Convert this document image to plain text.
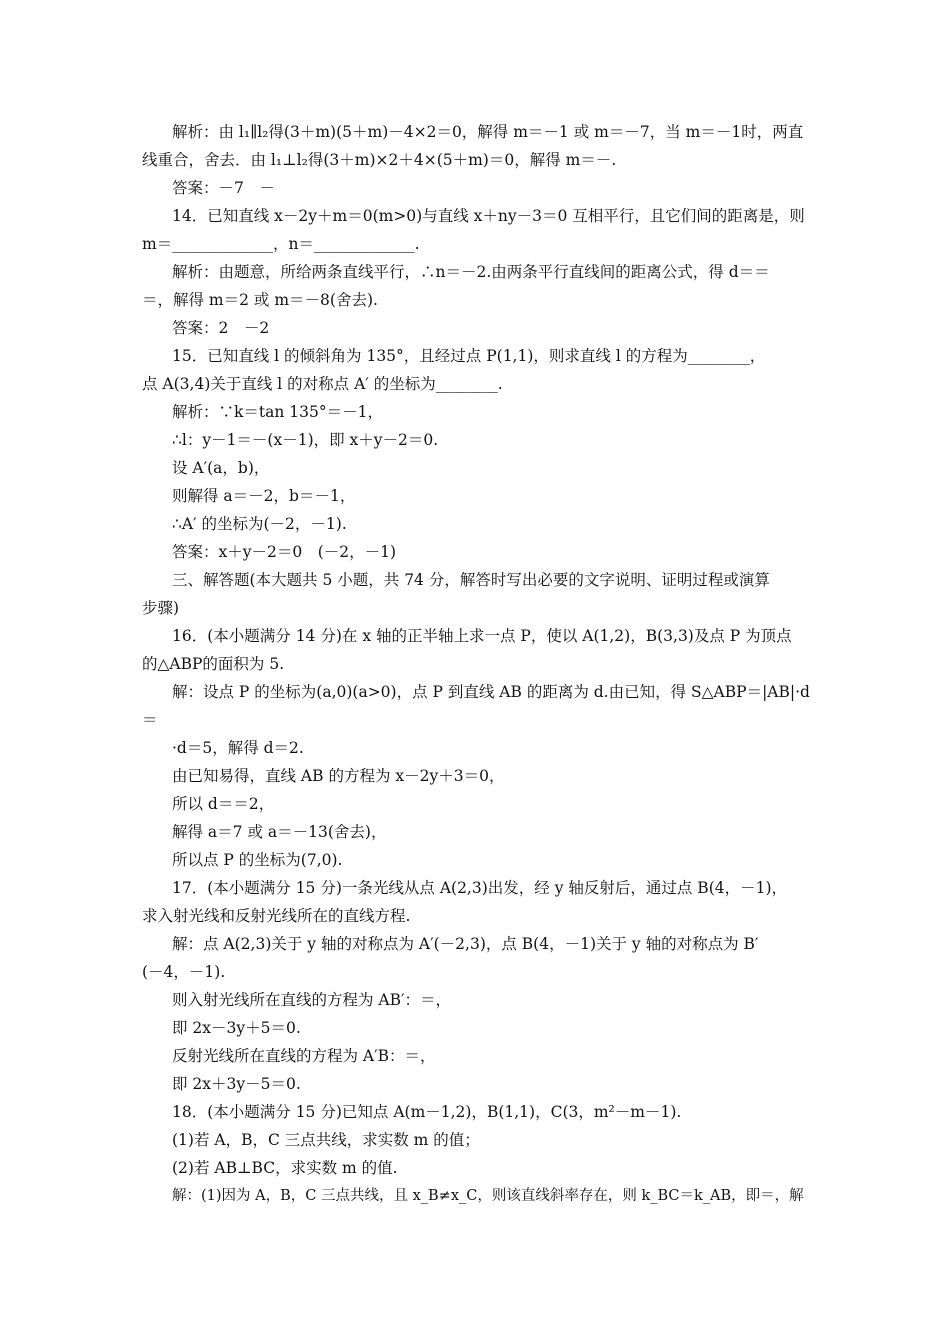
解析：由 l₁∥l₂得(3＋m)(5＋m)－4×2＝0，解得 m＝－1 或 m＝－7，当 m＝－1时，两直
线重合，舍去．由 l₁⊥l₂得(3＋m)×2＋4×(5＋m)＝0，解得 m＝－.
答案：－7　－
14．已知直线 x－2y＋m＝0(m>0)与直线 x＋ny－3＝0 互相平行，且它们间的距离是，则
m＝_____________，n＝_____________.
解析：由题意，所给两条直线平行，∴n＝－2.由两条平行直线间的距离公式，得 d＝＝
＝，解得 m＝2 或 m＝－8(舍去).
答案：2　－2
15．已知直线 l 的倾斜角为 135°，且经过点 P(1,1)，则求直线 l 的方程为________，
点 A(3,4)关于直线 l 的对称点 A′ 的坐标为________.
解析：∵k＝tan 135°＝－1，
∴l：y－1＝－(x－1)，即 x＋y－2＝0.
设 A′(a，b)，
则解得 a＝－2，b＝－1，
∴A′ 的坐标为(－2，－1).
答案：x＋y－2＝0　(－2，－1)
三、解答题(本大题共 5 小题，共 74 分，解答时写出必要的文字说明、证明过程或演算
步骤)
16．(本小题满分 14 分)在 x 轴的正半轴上求一点 P，使以 A(1,2)，B(3,3)及点 P 为顶点
的△ABP的面积为 5.
解：设点 P 的坐标为(a,0)(a>0)，点 P 到直线 AB 的距离为 d.由已知，得 S△ABP＝|AB|·d
＝
·d＝5，解得 d＝2.
由已知易得，直线 AB 的方程为 x－2y＋3＝0，
所以 d＝＝2，
解得 a＝7 或 a＝－13(舍去)，
所以点 P 的坐标为(7,0).
17．(本小题满分 15 分)一条光线从点 A(2,3)出发，经 y 轴反射后，通过点 B(4，－1)，
求入射光线和反射光线所在的直线方程.
解：点 A(2,3)关于 y 轴的对称点为 A′(－2,3)，点 B(4，－1)关于 y 轴的对称点为 B′
(－4，－1).
则入射光线所在直线的方程为 AB′：＝，
即 2x－3y＋5＝0.
反射光线所在直线的方程为 A′B：＝，
即 2x＋3y－5＝0.
18．(本小题满分 15 分)已知点 A(m－1,2)，B(1,1)，C(3，m²－m－1).
(1)若 A，B，C 三点共线，求实数 m 的值；
(2)若 AB⊥BC，求实数 m 的值.
解：(1)因为 A，B，C 三点共线，且 x_B≠x_C，则该直线斜率存在，则 k_BC＝k_AB，即＝，解
